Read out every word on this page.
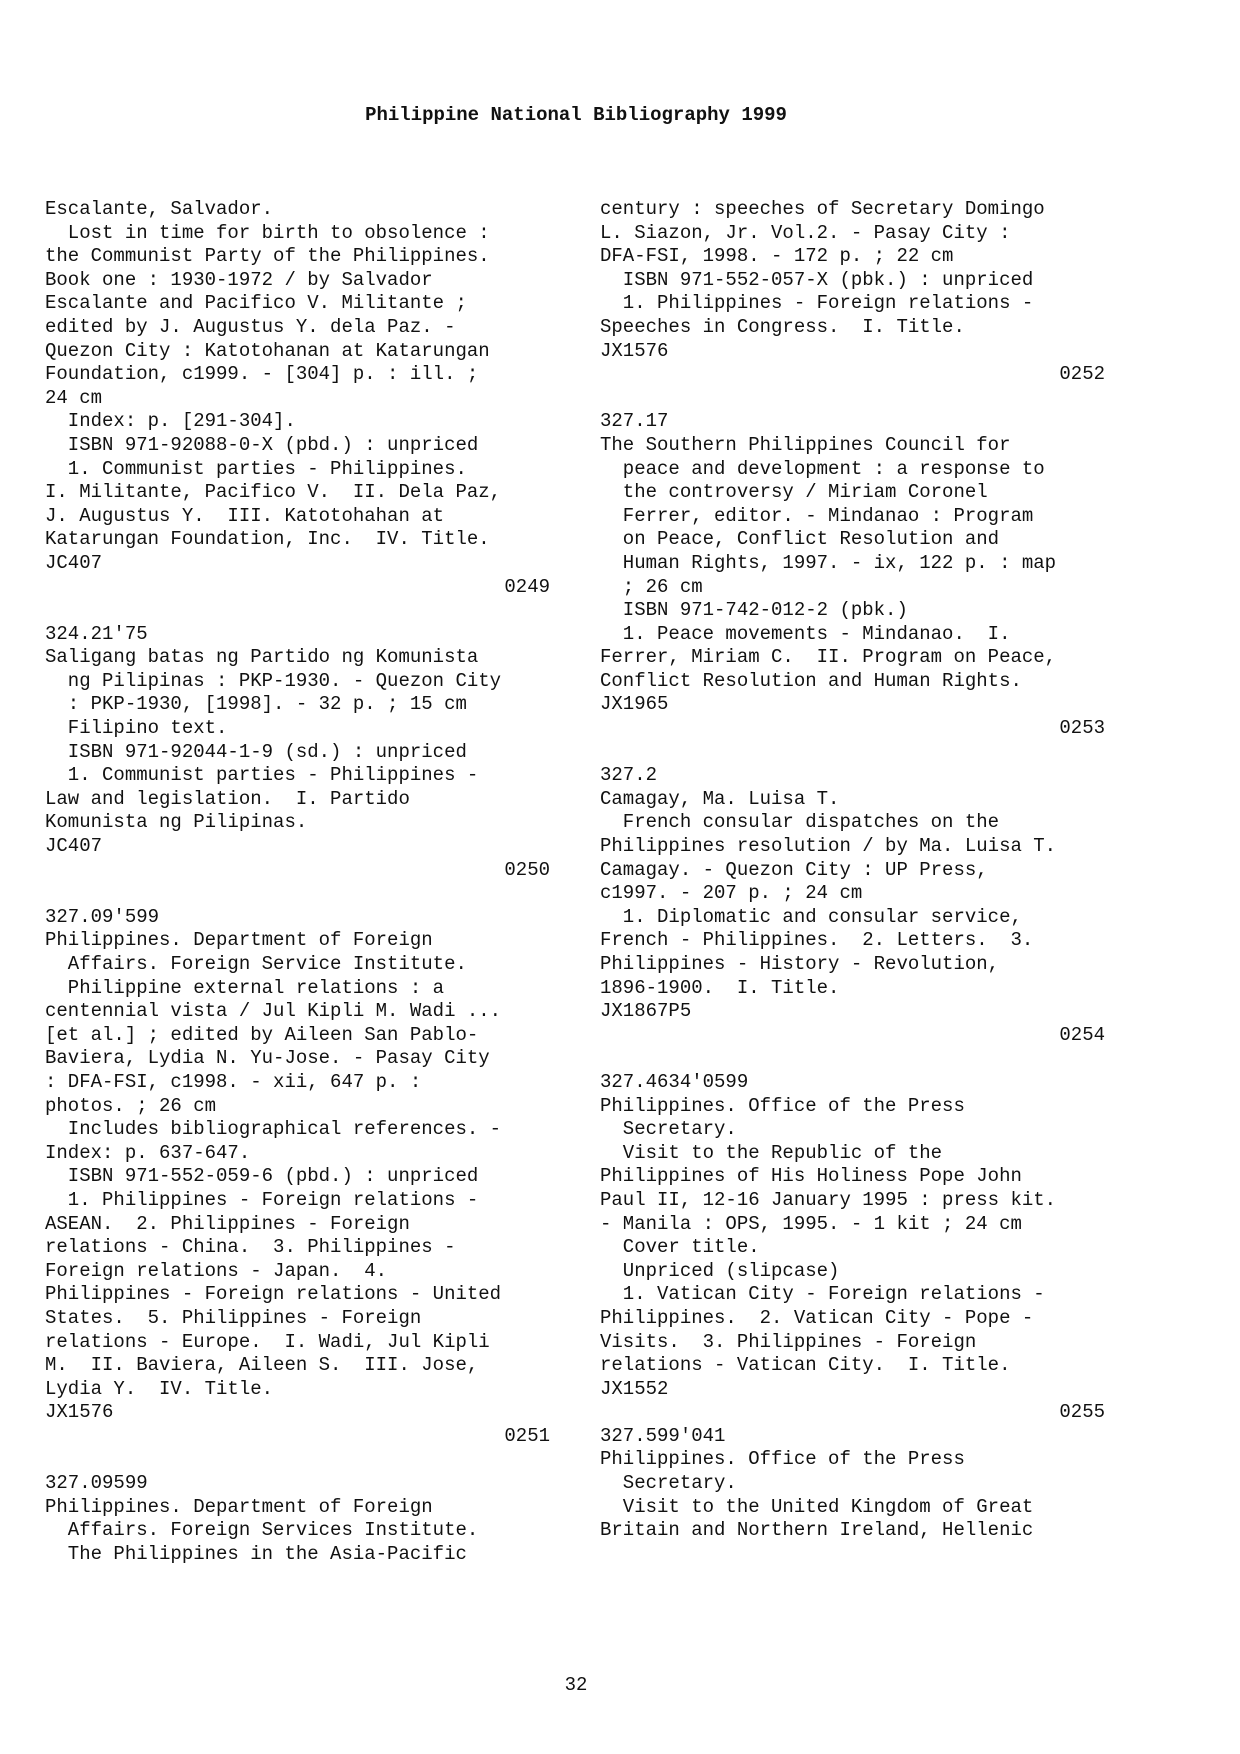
Philippine National Bibliography 1999
Escalante, Salvador.
Lost in time for birth to obsolence :
the Communist Party of the Philippines.
Book one : 1930-1972 / by Salvador
Escalante and Pacifico V. Militante ;
edited by J. Augustus Y. dela Paz. -
Quezon City : Katotohanan at Katarungan
Foundation, c1999. - [304] p. : ill. ;
24 cm
Index: p. [291-304].
ISBN 971-92088-0-X (pbd.) : unpriced
1. Communist parties - Philippines.
I. Militante, Pacifico V.  II. Dela Paz,
J. Augustus Y.  III. Katotohahan at
Katarungan Foundation, Inc.  IV. Title.
JC407
0249
324.21'75
Saligang batas ng Partido ng Komunista
ng Pilipinas : PKP-1930. - Quezon City
: PKP-1930, [1998]. - 32 p. ; 15 cm
Filipino text.
ISBN 971-92044-1-9 (sd.) : unpriced
1. Communist parties - Philippines -
Law and legislation.  I. Partido
Komunista ng Pilipinas.
JC407
0250
327.09'599
Philippines. Department of Foreign
Affairs. Foreign Service Institute.
Philippine external relations : a
centennial vista / Jul Kipli M. Wadi ...
[et al.] ; edited by Aileen San Pablo-
Baviera, Lydia N. Yu-Jose. - Pasay City
: DFA-FSI, c1998. - xii, 647 p. :
photos. ; 26 cm
Includes bibliographical references. -
Index: p. 637-647.
ISBN 971-552-059-6 (pbd.) : unpriced
1. Philippines - Foreign relations -
ASEAN.  2. Philippines - Foreign
relations - China.  3. Philippines -
Foreign relations - Japan.  4.
Philippines - Foreign relations - United
States.  5. Philippines - Foreign
relations - Europe.  I. Wadi, Jul Kipli
M.  II. Baviera, Aileen S.  III. Jose,
Lydia Y.  IV. Title.
JX1576
0251
327.09599
Philippines. Department of Foreign
Affairs. Foreign Services Institute.
The Philippines in the Asia-Pacific
century : speeches of Secretary Domingo
L. Siazon, Jr. Vol.2. - Pasay City :
DFA-FSI, 1998. - 172 p. ; 22 cm
ISBN 971-552-057-X (pbk.) : unpriced
1. Philippines - Foreign relations -
Speeches in Congress.  I. Title.
JX1576
0252
327.17
The Southern Philippines Council for
peace and development : a response to
the controversy / Miriam Coronel
Ferrer, editor. - Mindanao : Program
on Peace, Conflict Resolution and
Human Rights, 1997. - ix, 122 p. : map
; 26 cm
ISBN 971-742-012-2 (pbk.)
1. Peace movements - Mindanao.  I.
Ferrer, Miriam C.  II. Program on Peace,
Conflict Resolution and Human Rights.
JX1965
0253
327.2
Camagay, Ma. Luisa T.
French consular dispatches on the
Philippines resolution / by Ma. Luisa T.
Camagay. - Quezon City : UP Press,
c1997. - 207 p. ; 24 cm
1. Diplomatic and consular service,
French - Philippines.  2. Letters.  3.
Philippines - History - Revolution,
1896-1900.  I. Title.
JX1867P5
0254
327.4634'0599
Philippines. Office of the Press
Secretary.
Visit to the Republic of the
Philippines of His Holiness Pope John
Paul II, 12-16 January 1995 : press kit.
- Manila : OPS, 1995. - 1 kit ; 24 cm
Cover title.
Unpriced (slipcase)
1. Vatican City - Foreign relations -
Philippines.  2. Vatican City - Pope -
Visits.  3. Philippines - Foreign
relations - Vatican City.  I. Title.
JX1552
0255
327.599'041
Philippines. Office of the Press
Secretary.
Visit to the United Kingdom of Great
Britain and Northern Ireland, Hellenic
32
